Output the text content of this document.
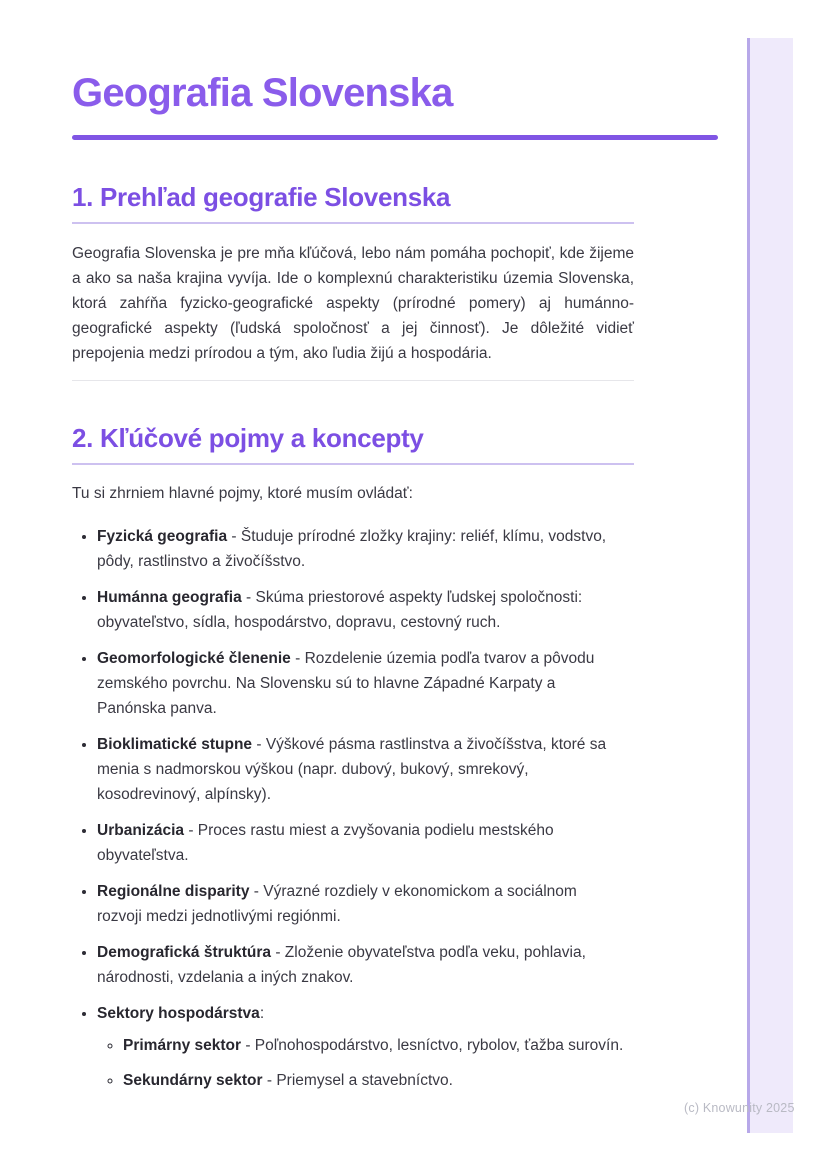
Geografia Slovenska
1. Prehľad geografie Slovenska

Geografia Slovenska je pre mňa kľúčová, lebo nám pomáha pochopiť, kde žijeme a ako sa naša krajina vyvíja. Ide o komplexnú charakteristiku územia Slovenska, ktorá zahŕňa fyzicko-geografické aspekty (prírodné pomery) aj humánno-geografické aspekty (ľudská spoločnosť a jej činnosť). Je dôležité vidieť prepojenia medzi prírodou a tým, ako ľudia žijú a hospodária.

2. Kľúčové pojmy a koncepty

Tu si zhrniem hlavné pojmy, ktoré musím ovládať:

• Fyzická geografia - Študuje prírodné zložky krajiny: reliéf, klímu, vodstvo, pôdy, rastlinstvo a živočíšstvo.
• Humánna geografia - Skúma priestorové aspekty ľudskej spoločnosti: obyvateľstvo, sídla, hospodárstvo, dopravu, cestovný ruch.
• Geomorfologické členenie - Rozdelenie územia podľa tvarov a pôvodu zemského povrchu. Na Slovensku sú to hlavne Západné Karpaty a Panónska panva.
• Bioklimatické stupne - Výškové pásma rastlinstva a živočíšstva, ktoré sa menia s nadmorskou výškou (napr. dubový, bukový, smrekový, kosodrevinový, alpínsky).
• Urbanizácia - Proces rastu miest a zvyšovania podielu mestského obyvateľstva.
• Regionálne disparity - Výrazné rozdiely v ekonomickom a sociálnom rozvoji medzi jednotlivými regiónmi.
• Demografická štruktúra - Zloženie obyvateľstva podľa veku, pohlavia, národnosti, vzdelania a iných znakov.
• Sektory hospodárstva:
◦ Primárny sektor - Poľnohospodárstvo, lesníctvo, rybolov, ťažba surovín.
◦ Sekundárny sektor - Priemysel a stavebníctvo.
(c) Knowunity 2025
